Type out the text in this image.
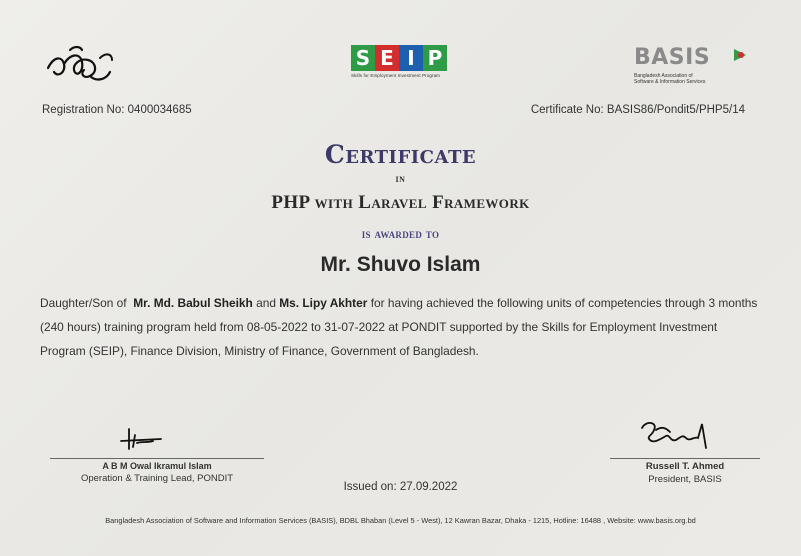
S E I P
Skills for Employment Investment Program
BASIS
Bangladesh Association of
Software & Information Services
Registration No: 0400034685	Certificate No: BASIS86/Pondit5/PHP5/14
Certificate
in
PHP with Laravel Framework
is awarded to
Mr. Shuvo Islam
Daughter/Son of Mr. Md. Babul Sheikh and Ms. Lipy Akhter for having achieved the following units of competencies through 3 months (240 hours) training program held from 08-05-2022 to 31-07-2022 at PONDIT supported by the Skills for Employment Investment Program (SEIP), Finance Division, Ministry of Finance, Government of Bangladesh.
A B M Owal Ikramul Islam
Operation & Training Lead, PONDIT
Russell T. Ahmed
President, BASIS
Issued on: 27.09.2022
Bangladesh Association of Software and Information Services (BASIS), BDBL Bhaban (Level 5 - West), 12 Kawran Bazar, Dhaka - 1215, Hotline: 16488 , Website: www.basis.org.bd
